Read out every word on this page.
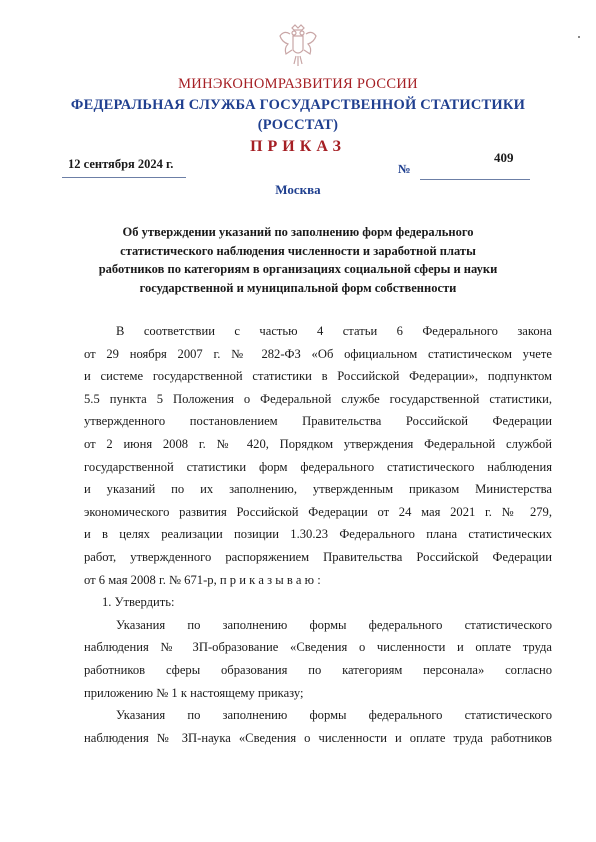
МИНЭКОНОМРАЗВИТИЯ РОССИИ
ФЕДЕРАЛЬНАЯ СЛУЖБА ГОСУДАРСТВЕННОЙ СТАТИСТИКИ
(РОССТАТ)
ПРИКАЗ
12 сентября 2024 г.	409
№
Москва
Об утверждении указаний по заполнению форм федерального
статистического наблюдения численности и заработной платы
работников по категориям в организациях социальной сферы и науки
государственной и муниципальной форм собственности
В соответствии с частью 4 статьи 6 Федерального закона
от 29 ноября 2007 г. № 282-ФЗ «Об официальном статистическом учете
и системе государственной статистики в Российской Федерации», подпунктом
5.5 пункта 5 Положения о Федеральной службе государственной статистики,
утвержденного постановлением Правительства Российской Федерации
от 2 июня 2008 г. № 420, Порядком утверждения Федеральной службой
государственной статистики форм федерального статистического наблюдения
и указаний по их заполнению, утвержденным приказом Министерства
экономического развития Российской Федерации от 24 мая 2021 г. № 279,
и в целях реализации позиции 1.30.23 Федерального плана статистических
работ, утвержденного распоряжением Правительства Российской Федерации
от 6 мая 2008 г. № 671-р, п р и к а з ы в а ю :
1. Утвердить:
Указания по заполнению формы федерального статистического
наблюдения № ЗП-образование «Сведения о численности и оплате труда
работников сферы образования по категориям персонала» согласно
приложению № 1 к настоящему приказу;
Указания по заполнению формы федерального статистического
наблюдения № ЗП-наука «Сведения о численности и оплате труда работников
